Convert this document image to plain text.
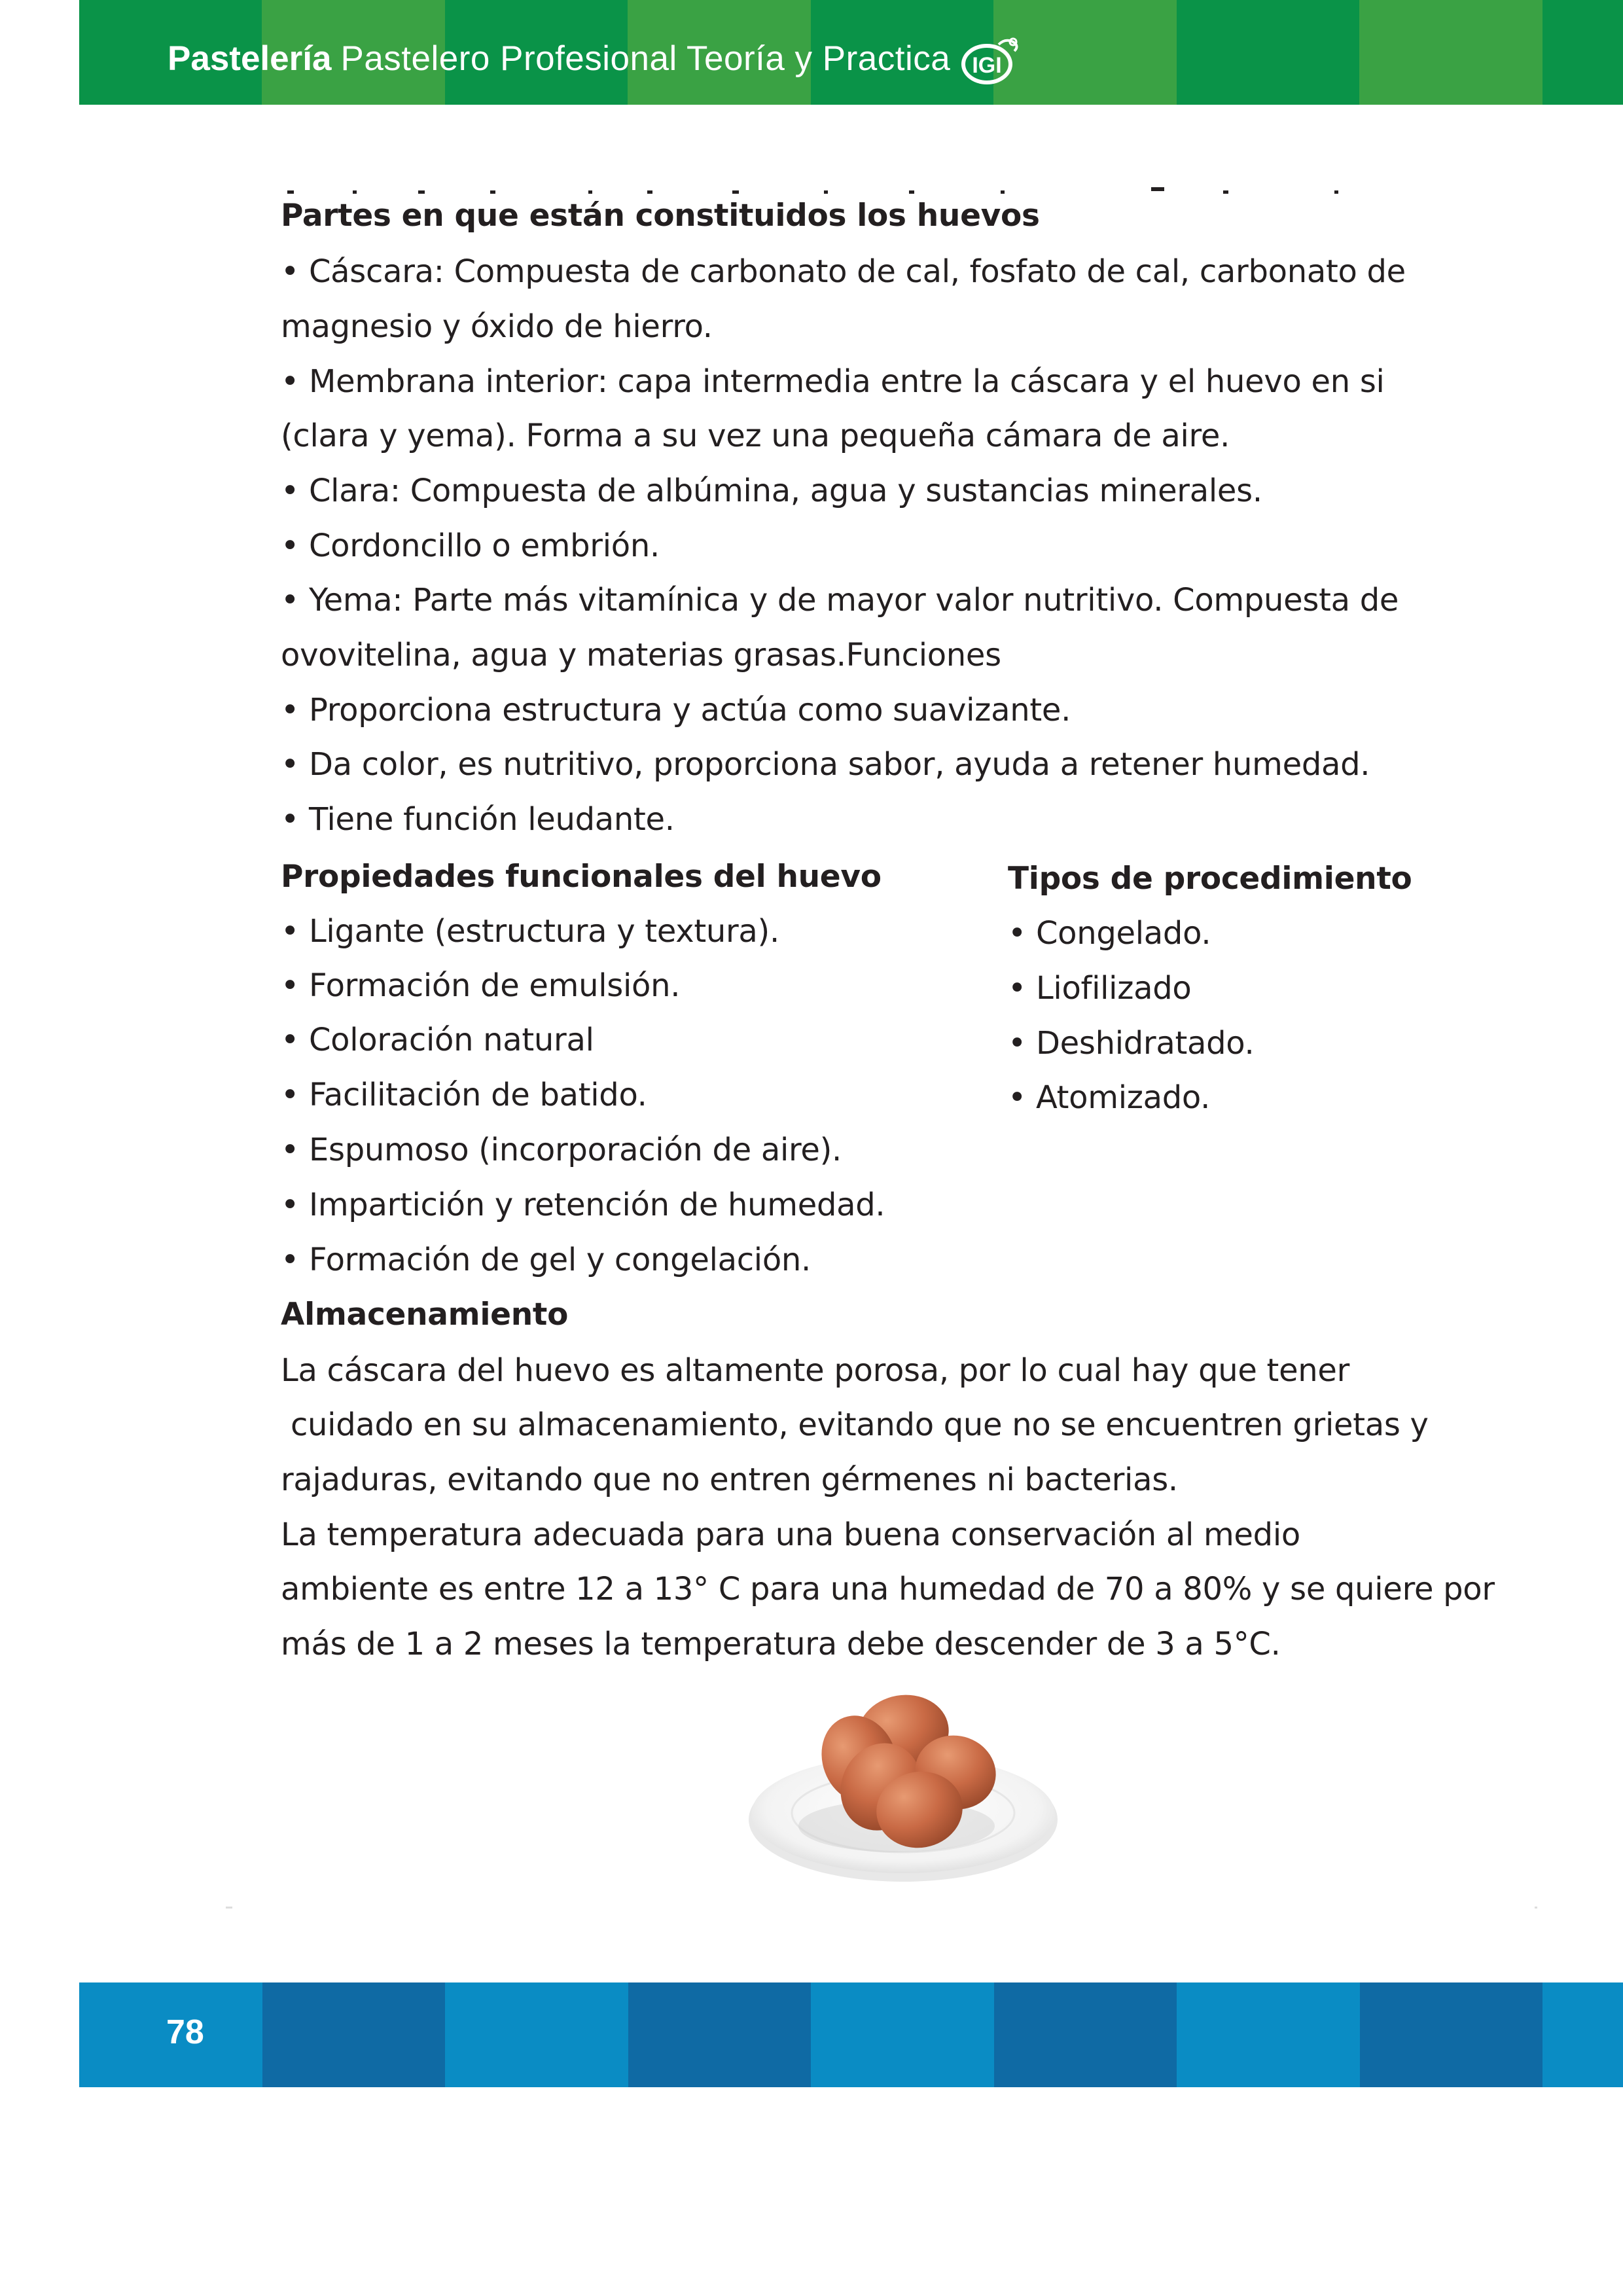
Pastelería Pastelero Profesional Teoría y Practica IGI
Partes en que están constituidos los huevos
• Cáscara: Compuesta de carbonato de cal, fosfato de cal, carbonato de
magnesio y óxido de hierro.
• Membrana interior: capa intermedia entre la cáscara y el huevo en si
(clara y yema). Forma a su vez una pequeña cámara de aire.
• Clara: Compuesta de albúmina, agua y sustancias minerales.
• Cordoncillo o embrión.
• Yema: Parte más vitamínica y de mayor valor nutritivo. Compuesta de
ovovitelina, agua y materias grasas.Funciones
• Proporciona estructura y actúa como suavizante.
• Da color, es nutritivo, proporciona sabor, ayuda a retener humedad.
• Tiene función leudante.
Propiedades funcionales del huevo
• Ligante (estructura y textura).
• Formación de emulsión.
• Coloración natural
• Facilitación de batido.
• Espumoso (incorporación de aire).
• Impartición y retención de humedad.
• Formación de gel y congelación.
Tipos de procedimiento
• Congelado.
• Liofilizado
• Deshidratado.
• Atomizado.
Almacenamiento
La cáscara del huevo es altamente porosa, por lo cual hay que tener
cuidado en su almacenamiento, evitando que no se encuentren grietas y
rajaduras, evitando que no entren gérmenes ni bacterias.
La temperatura adecuada para una buena conservación al medio
ambiente es entre 12 a 13° C para una humedad de 70 a 80% y se quiere por
más de 1 a 2 meses la temperatura debe descender de 3 a 5°C.
78
